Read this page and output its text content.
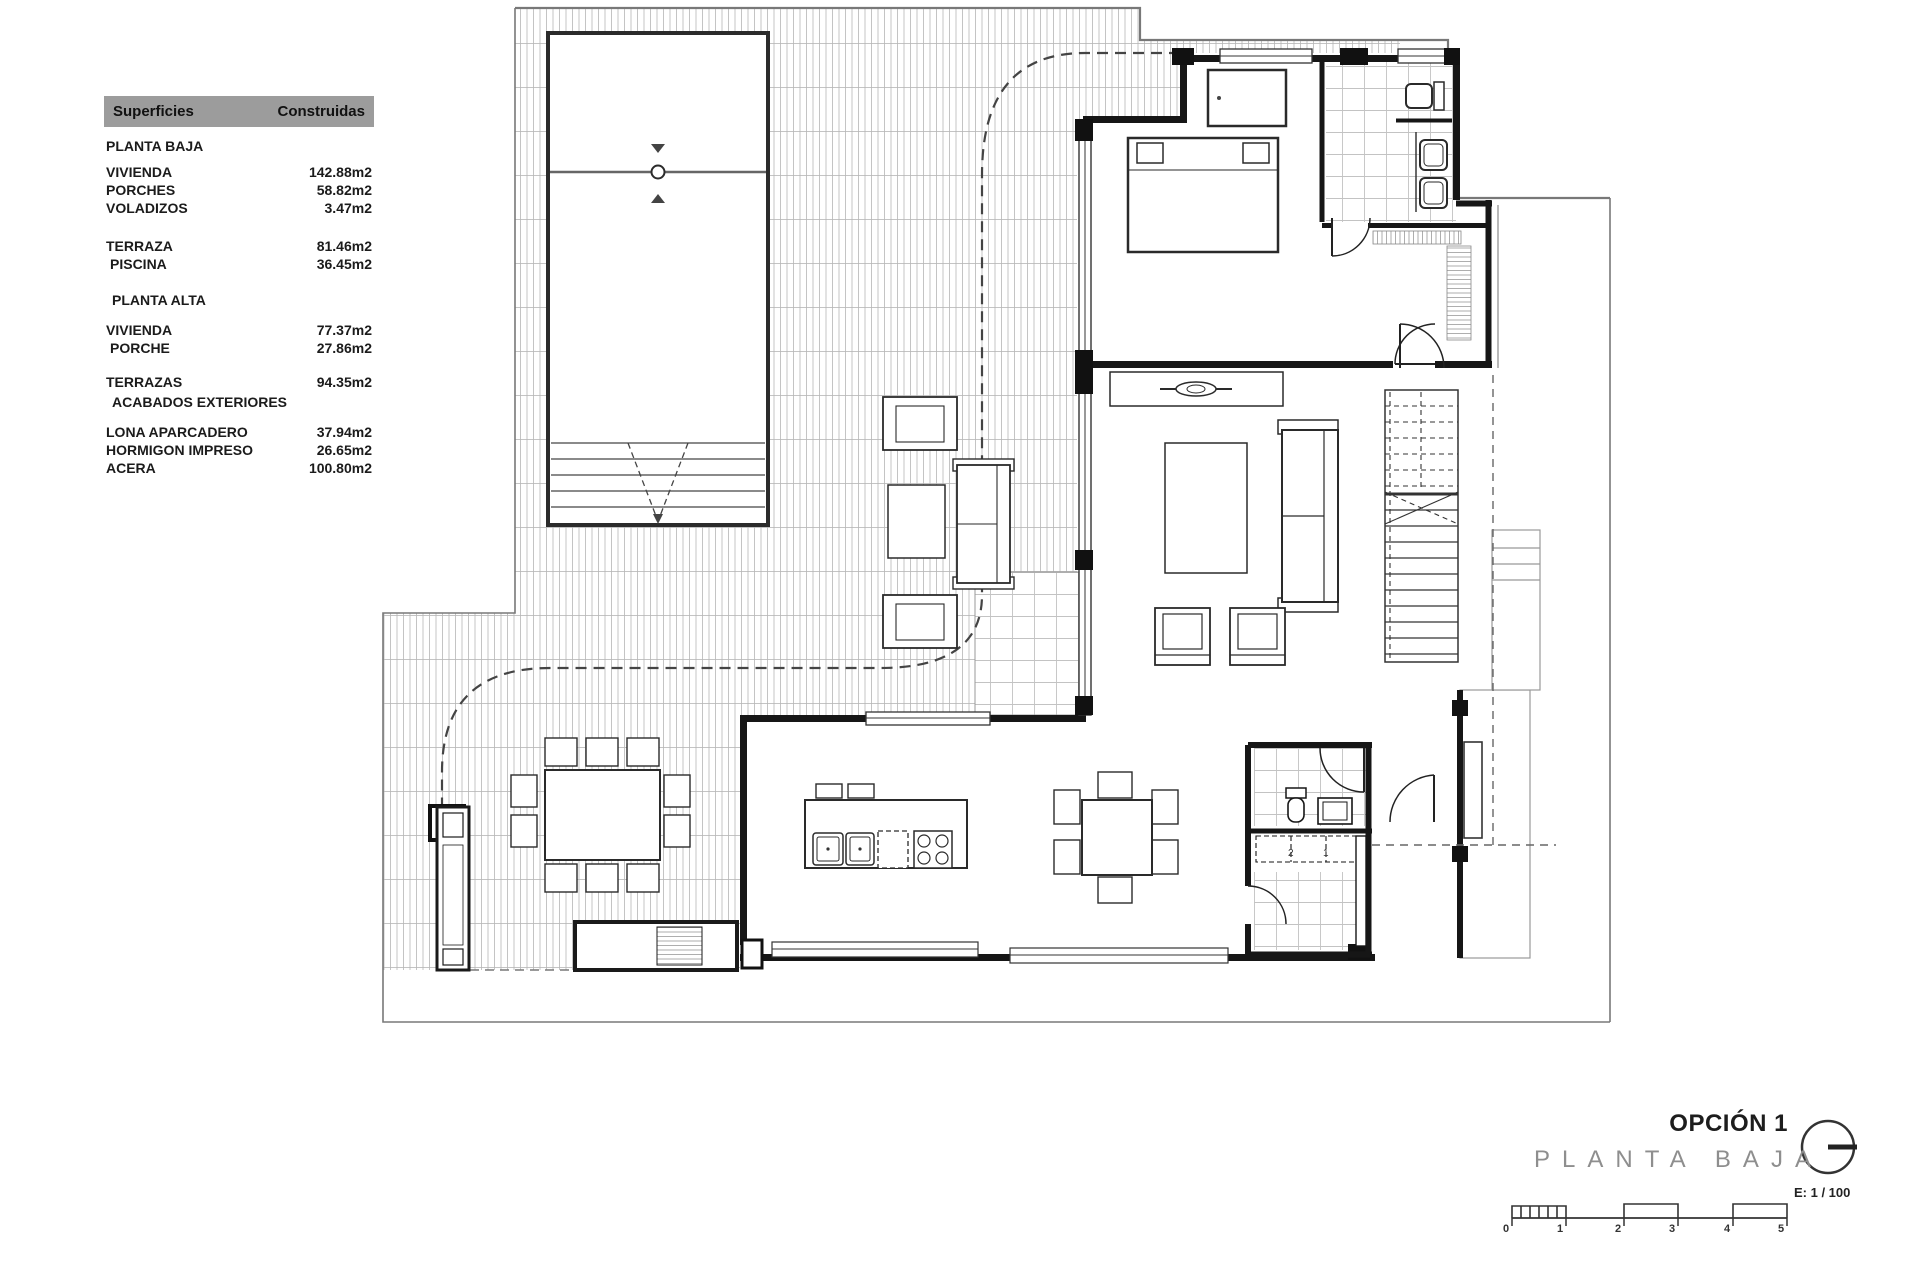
2	1
Superficies	Construidas
PLANTA BAJA
VIVIENDA	142.88m2
PORCHES	58.82m2
VOLADIZOS	3.47m2
TERRAZA	81.46m2
PISCINA	36.45m2
PLANTA ALTA
VIVIENDA	77.37m2
PORCHE	27.86m2
TERRAZAS	94.35m2
ACABADOS EXTERIORES
LONA APARCADERO	37.94m2
HORMIGON IMPRESO	26.65m2
ACERA	100.80m2
OPCIÓN 1
PLANTA BAJA
E: 1 / 100
0	1	2	3	4	5
